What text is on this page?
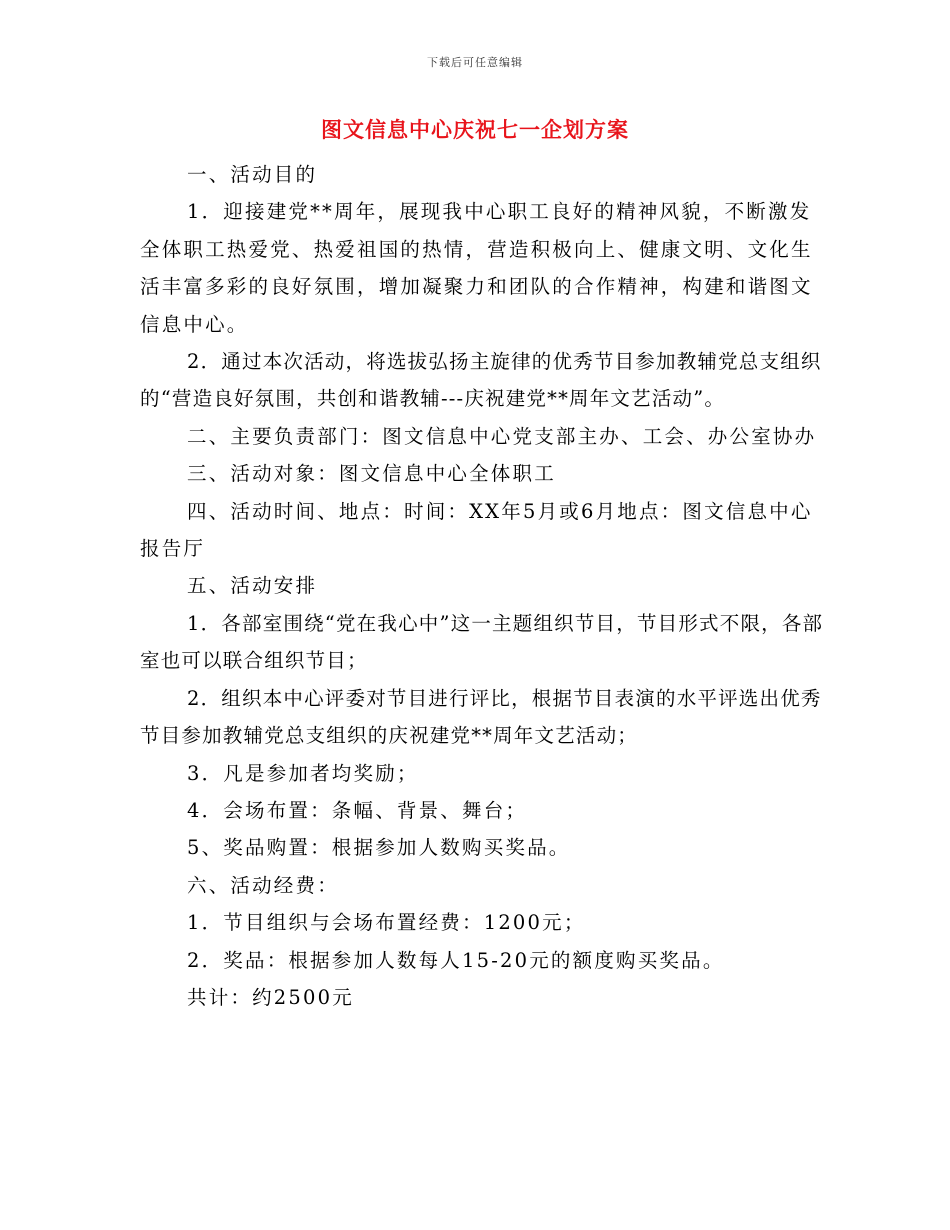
下载后可任意编辑
图文信息中心庆祝七一企划方案

一、活动目的

1．迎接建党**周年，展现我中心职工良好的精神风貌，不断激发全体职工热爱党、热爱祖国的热情，营造积极向上、健康文明、文化生活丰富多彩的良好氛围，增加凝聚力和团队的合作精神，构建和谐图文信息中心。

2．通过本次活动，将选拔弘扬主旋律的优秀节目参加教辅党总支组织的“营造良好氛围，共创和谐教辅---庆祝建党**周年文艺活动”。

二、主要负责部门：图文信息中心党支部主办、工会、办公室协办

三、活动对象：图文信息中心全体职工

四、活动时间、地点：时间：XX年5月或6月地点：图文信息中心报告厅

五、活动安排

1．各部室围绕“党在我心中”这一主题组织节目，节目形式不限，各部室也可以联合组织节目；

2．组织本中心评委对节目进行评比，根据节目表演的水平评选出优秀节目参加教辅党总支组织的庆祝建党**周年文艺活动；

3．凡是参加者均奖励；

4．会场布置：条幅、背景、舞台；

5、奖品购置：根据参加人数购买奖品。

六、活动经费：

1．节目组织与会场布置经费：1200元；

2．奖品：根据参加人数每人15-20元的额度购买奖品。

共计：约2500元
